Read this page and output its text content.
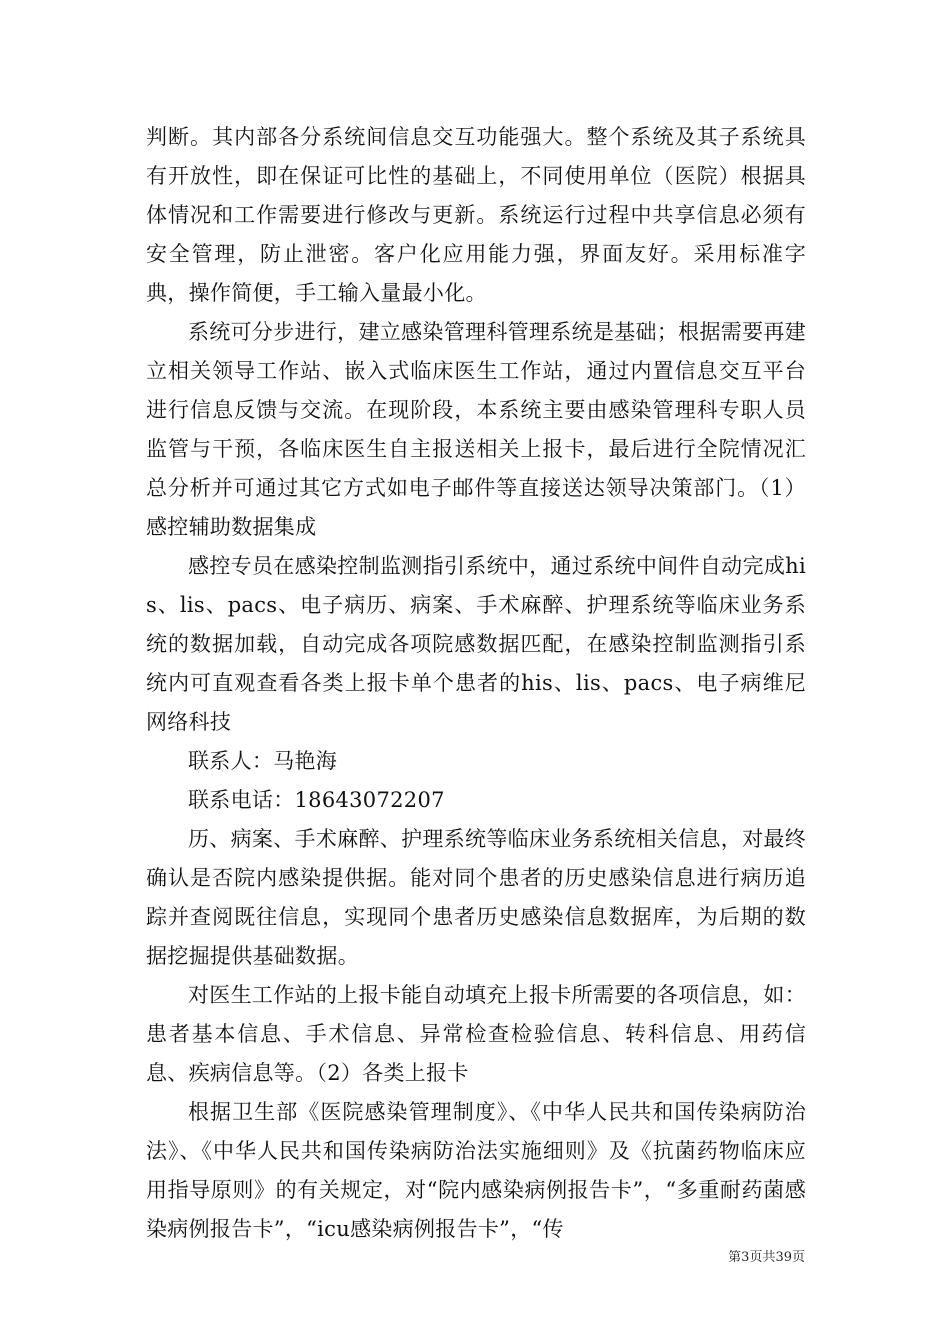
判断。其内部各分系统间信息交互功能强大。整个系统及其子系统具有开放性，即在保证可比性的基础上，不同使用单位（医院）根据具体情况和工作需要进行修改与更新。系统运行过程中共享信息必须有安全管理，防止泄密。客户化应用能力强，界面友好。采用标准字典，操作简便，手工输入量最小化。

系统可分步进行，建立感染管理科管理系统是基础；根据需要再建立相关领导工作站、嵌入式临床医生工作站，通过内置信息交互平台进行信息反馈与交流。在现阶段，本系统主要由感染管理科专职人员监管与干预，各临床医生自主报送相关上报卡，最后进行全院情况汇总分析并可通过其它方式如电子邮件等直接送达领导决策部门。（1）感控辅助数据集成

感控专员在感染控制监测指引系统中，通过系统中间件自动完成his、lis、pacs、电子病历、病案、手术麻醉、护理系统等临床业务系统的数据加载，自动完成各项院感数据匹配，在感染控制监测指引系统内可直观查看各类上报卡单个患者的his、lis、pacs、电子病维尼网络科技

联系人：马艳海

联系电话：18643072207

历、病案、手术麻醉、护理系统等临床业务系统相关信息，对最终确认是否院内感染提供据。能对同个患者的历史感染信息进行病历追踪并查阅既往信息，实现同个患者历史感染信息数据库，为后期的数据挖掘提供基础数据。

对医生工作站的上报卡能自动填充上报卡所需要的各项信息，如：患者基本信息、手术信息、异常检查检验信息、转科信息、用药信息、疾病信息等。（2）各类上报卡

根据卫生部《医院感染管理制度》、《中华人民共和国传染病防治法》、《中华人民共和国传染病防治法实施细则》及《抗菌药物临床应用指导原则》的有关规定，对“院内感染病例报告卡”，“多重耐药菌感染病例报告卡”，“icu感染病例报告卡”，“传

第3页共39页
